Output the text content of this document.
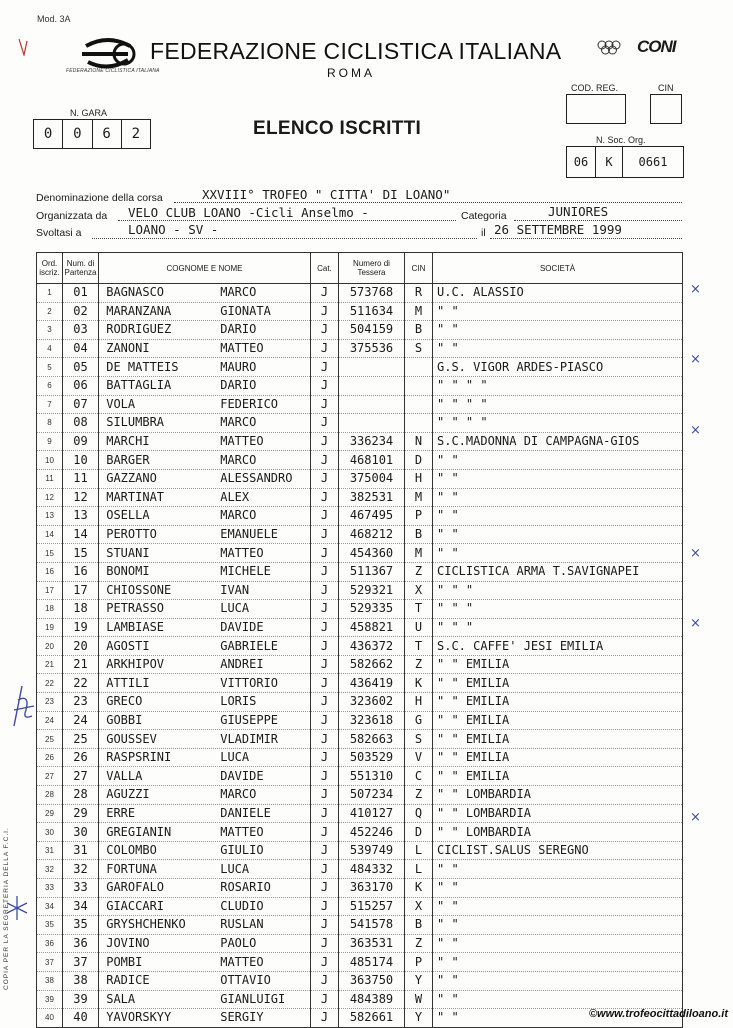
Mod. 3A
FEDERAZIONE CICLISTICA ITALIANA
FEDERAZIONE CICLISTICA ITALIANA
ROMA
CONI
N. GARA
0	0	6	2	ELENCO ISCRITTI
COD. REG.	CIN
N. Soc. Org.
06	K	0661
Denominazione della corsa	XXVIII° TROFEO " CITTA' DI LOANO"
Organizzata da VELO CLUB LOANO -Cicli Anselmo -	Categoria	JUNIORES
Svoltasi a	LOANO - SV -	il 26 SETTEMBRE 1999
Ord. iscriz.	Num. di Partenza	COGNOME E NOME	Cat.	Numero di Tessera	CIN	SOCIETÀ
1	01	BAGNASCO MARCO	J	573768	R	U.C. ALASSIO
2	02	MARANZANA GIONATA	J	511634	M	" "
3	03	RODRIGUEZ DARIO	J	504159	B	" "
4	04	ZANONI MATTEO	J	375536	S	" "
5	05	DE MATTEIS MAURO	J			G.S. VIGOR ARDES-PIASCO
6	06	BATTAGLIA DARIO	J			" " " "
7	07	VOLA FEDERICO	J			" " " "
8	08	SILUMBRA MARCO	J			" " " "
9	09	MARCHI MATTEO	J	336234	N	S.C.MADONNA DI CAMPAGNA-GIOS
10	10	BARGER MARCO	J	468101	D	" "
11	11	GAZZANO ALESSANDRO	J	375004	H	" "
12	12	MARTINAT ALEX	J	382531	M	" "
13	13	OSELLA MARCO	J	467495	P	" "
14	14	PEROTTO EMANUELE	J	468212	B	" "
15	15	STUANI MATTEO	J	454360	M	" "
16	16	BONOMI MICHELE	J	511367	Z	CICLISTICA ARMA T.SAVIGNAPEI
17	17	CHIOSSONE IVAN	J	529321	X	" " "
18	18	PETRASSO LUCA	J	529335	T	" " "
19	19	LAMBIASE DAVIDE	J	458821	U	" " "
20	20	AGOSTI GABRIELE	J	436372	T	S.C. CAFFE' JESI EMILIA
21	21	ARKHIPOV ANDREI	J	582662	Z	" " EMILIA
22	22	ATTILI VITTORIO	J	436419	K	" " EMILIA
23	23	GRECO LORIS	J	323602	H	" " EMILIA
24	24	GOBBI GIUSEPPE	J	323618	G	" " EMILIA
25	25	GOUSSEV VLADIMIR	J	582663	S	" " EMILIA
26	26	RASPSRINI LUCA	J	503529	V	" " EMILIA
27	27	VALLA DAVIDE	J	551310	C	" " EMILIA
28	28	AGUZZI MARCO	J	507234	Z	" " LOMBARDIA
29	29	ERRE DANIELE	J	410127	Q	" " LOMBARDIA
30	30	GREGIANIN MATTEO	J	452246	D	" " LOMBARDIA
31	31	COLOMBO GIULIO	J	539749	L	CICLIST.SALUS SEREGNO
32	32	FORTUNA LUCA	J	484332	L	" "
33	33	GAROFALO ROSARIO	J	363170	K	" "
34	34	GIACCARI CLUDIO	J	515257	X	" "
35	35	GRYSHCHENKO RUSLAN	J	541578	B	" "
36	36	JOVINO PAOLO	J	363531	Z	" "
37	37	POMBI MATTEO	J	485174	P	" "
38	38	RADICE OTTAVIO	J	363750	Y	" "
39	39	SALA GIANLUIGI	J	484389	W	" "
40	40	YAVORSKYY SERGIY	J	582661	Y	" "
×
×
×
×
×
×
COPIA PER LA SEGRETERIA DELLA F.C.I.
©www.trofeocittadiloano.it
